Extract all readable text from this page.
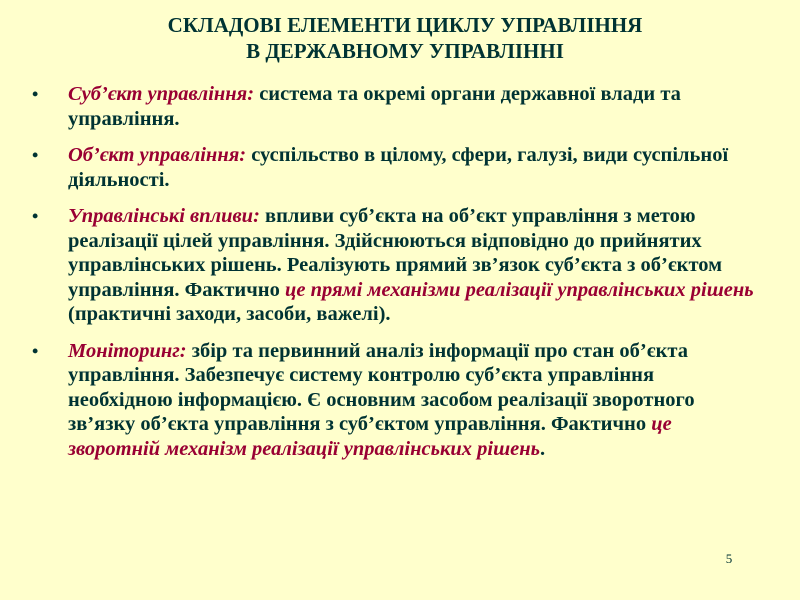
СКЛАДОВІ ЕЛЕМЕНТИ ЦИКЛУ УПРАВЛІННЯ
В ДЕРЖАВНОМУ УПРАВЛІННІ
• Суб’єкт управління: система та окремі органи державної влади та управління.
• Об’єкт управління: суспільство в цілому, сфери, галузі, види суспільної діяльності.
• Управлінські впливи: впливи суб’єкта на об’єкт управління з метою реалізації цілей управління. Здійснюються відповідно до прийнятих управлінських рішень. Реалізують прямий зв’язок суб’єкта з об’єктом управління. Фактично це прямі механізми реалізації управлінських рішень (практичні заходи, засоби, важелі).
• Моніторинг: збір та первинний аналіз інформації про стан об’єкта управління. Забезпечує систему контролю суб’єкта управління необхідною інформацією. Є основним засобом реалізації зворотного зв’язку об’єкта управління з суб’єктом управління. Фактично це зворотній механізм реалізації управлінських рішень.
5
